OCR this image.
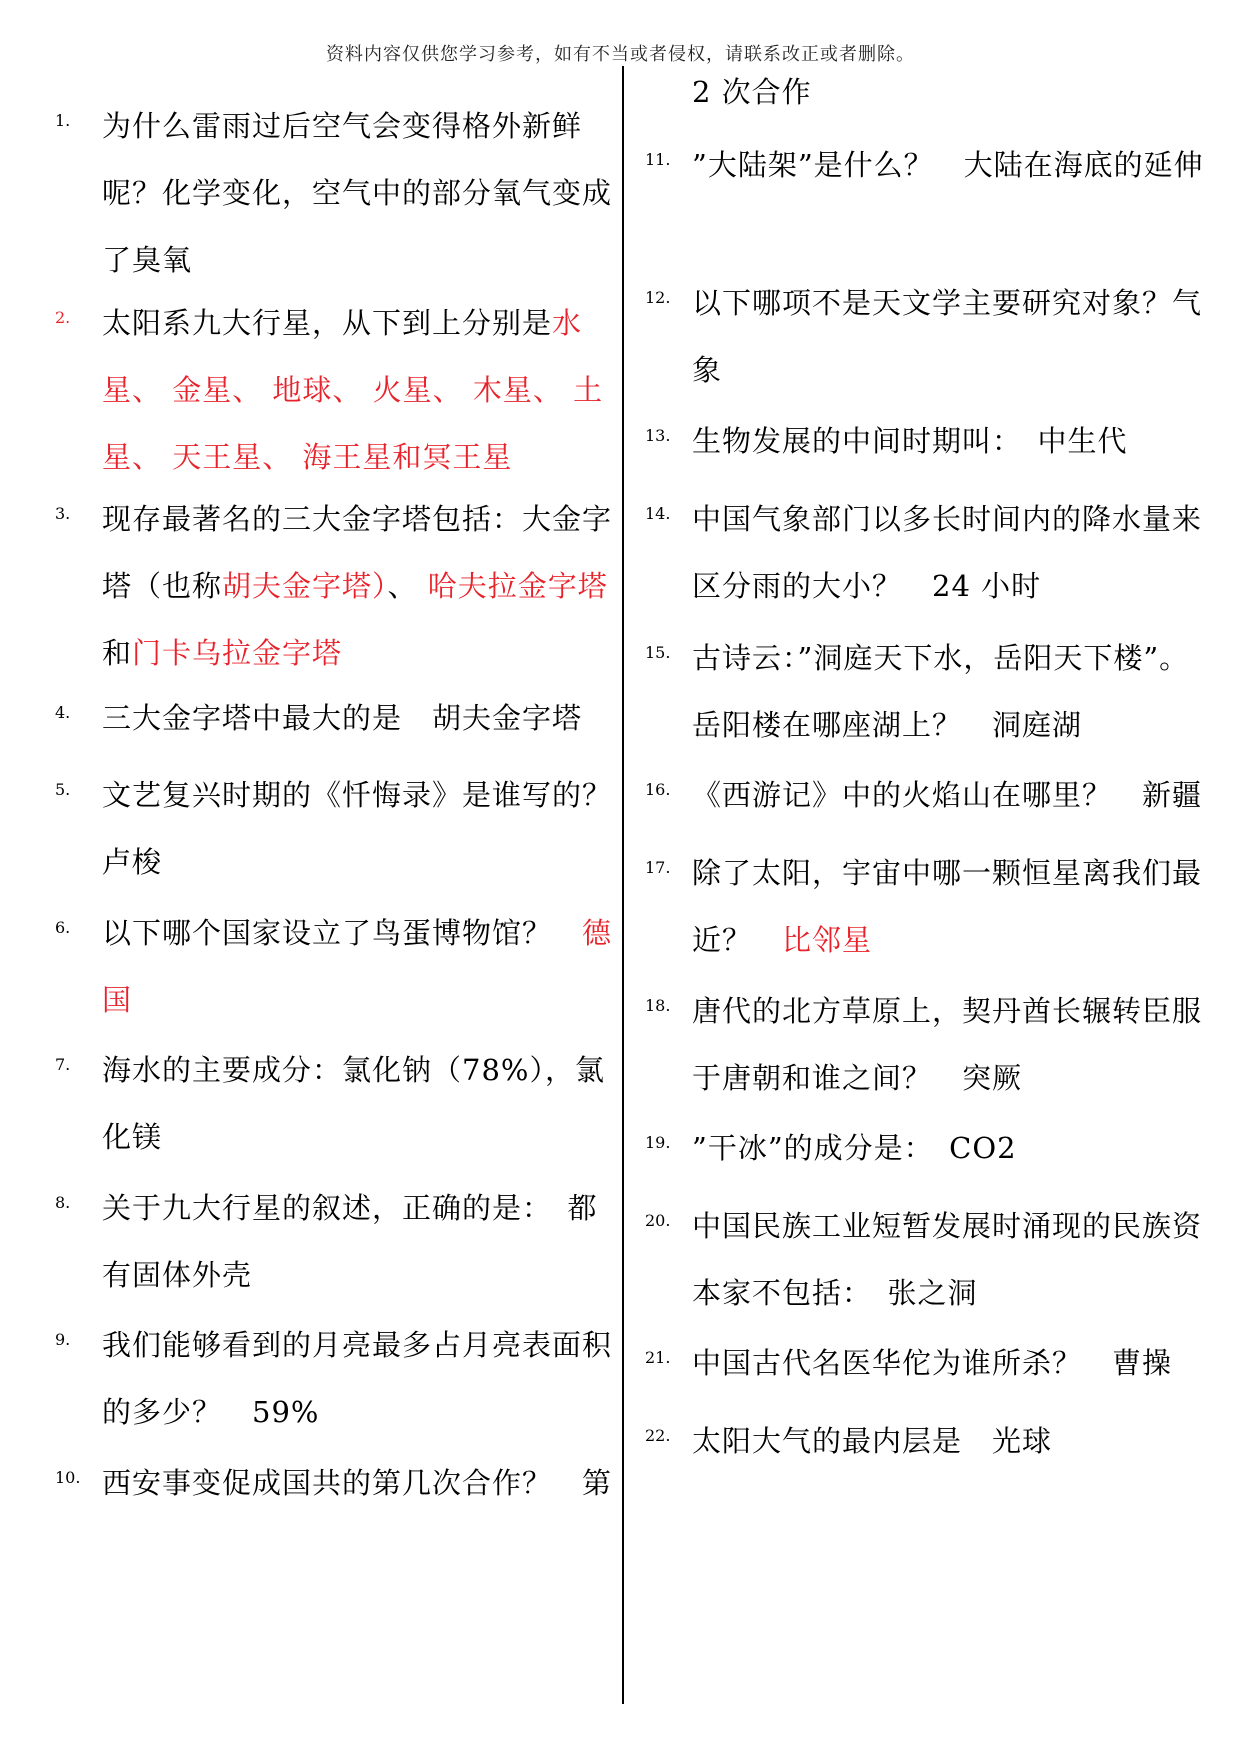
资料内容仅供您学习参考，如有不当或者侵权，请联系改正或者删除。
1.	为什么雷雨过后空气会变得格外新鲜呢？化学变化，空气中的部分氧气变成了臭氧
2.	太阳系九大行星，从下到上分别是水星、 金星、 地球、 火星、 木星、 土星、 天王星、 海王星和冥王星
3.	现存最著名的三大金字塔包括：大金字塔（也称胡夫金字塔）、 哈夫拉金字塔和门卡乌拉金字塔
4.	三大金字塔中最大的是　胡夫金字塔
5.	文艺复兴时期的《忏悔录》是谁写的？卢梭
6.	以下哪个国家设立了鸟蛋博物馆？　德国
7.	海水的主要成分：氯化钠（78%），氯化镁
8.	关于九大行星的叙述，正确的是：　都有固体外壳
9.	我们能够看到的月亮最多占月亮表面积的多少？　59%
10. 西安事变促成国共的第几次合作？　第
2 次合作
11. ”大陆架”是什么？　大陆在海底的延伸
12. 以下哪项不是天文学主要研究对象？气象
13. 生物发展的中间时期叫：　中生代
14. 中国气象部门以多长时间内的降水量来区分雨的大小？　24 小时
15. 古诗云：”洞庭天下水，岳阳天下楼”。岳阳楼在哪座湖上？　洞庭湖
16. 《西游记》中的火焰山在哪里？　新疆
17. 除了太阳，宇宙中哪一颗恒星离我们最近？　比邻星
18. 唐代的北方草原上，契丹酋长辗转臣服于唐朝和谁之间？　突厥
19. ”干冰”的成分是：　CO2
20. 中国民族工业短暂发展时涌现的民族资本家不包括：　张之洞
21. 中国古代名医华佗为谁所杀？　曹操
22. 太阳大气的最内层是　光球
